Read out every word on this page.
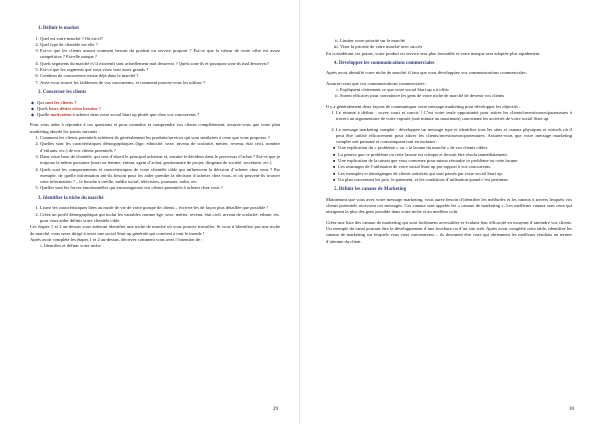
1. Définir le market
1. Quel est votre marché ? Où est-il?
2. Quel type de clientèle est-elle ?
3. Est-ce que les clients auront vraiment besoin du produit ou service proposé ? Est-ce que la valeur de votre offre est assez compétitive ? Est-elle unique ?
4. Quels segments du marché (s’il existent) sont actuellement mal desservis ? Quels sont-ils et pourquoi sont-ils mal desservis?
5. Est-ce que les segments que vous visez sont assez grands ?
6. Combien de concurrence existe déjà dans le marché ?
7. Avez-vous trouvé les faiblesses de vos concurrents, et comment pouvez-vous les utiliser ?
2. Concerner les clients
◆ Qui sont les clients ?
◆ Quels leurs désirs et/ou besoins ?
◆ Quelle motivation à acheter dans votre social Start up plutôt que chez vos concurrents ?

Pour vous aider à répondre à ces questions et pour connaître et comprendre vos clients complètement, assurez-vous que votre plan marketing aborde les points suivants :

1. Comment les clients potentiels achètent-ils généralement les produits/services qui sont similaires à ceux que vous proposez ?
2. Quelles sont les caractéristiques démographiques (âge, ethnicité, sexe, niveau de scolarité, métier, revenu, état civil, nombre d’enfants, etc.) de vos clients potentiels ?
3. Dans votre base de clientèle, qui sera d’abord le principal acheteur et, ensuite le décideur dans le processus d’achat ? Est-ce que je toujours la même personne (mari ou femme, enfant, agent d’achat, gestionnaire de projet, dirigeant de société, secrétaire, etc.)
4. Quels sont les comportements et caractéristiques de votre clientèle cible qui influencent la décision d’acheter chez vous ? Par exemple, de quelle information ont-ils besoin pour les aider prendre la décision d’acheter chez vous, et où peuvent-ils trouver cette information ? – le bouche à oreille, média social, télévision, journaux, radio, etc.
5. Quelles sont les forces émotionnelles qui encourageront vos clients potentiels à acheter chez vous ?
3. Identifier la niche du marché
1. Listez les caractéristiques liées au mode de vie de votre groupe de clients – écrivez-les de façon plus détaillée que possible !
2. Créez un profil démographique qui inclut les variables comme âge, sexe, métier, revenu, état civil, niveau de scolarité, ethnie, etc. pour vous aider définir votre clientèle cible.

Les étapes 1 et 2 au-dessus vous aideront identifier une niche de marché où vous pouvez travailler. Si vous n’identifiez pas une niche de marché, vous serez dirigé à avoir une social Start up générale qui convient à tout le monde !

Après avoir complété les étapes 1 et 2 au-dessus, décrivez comment vous avez l’intention de :

i. Identifier et définir votre niche
29
ii. Limiter votre priorité sur le marché
iii. Viser la priorité de votre marché avec succès

En considérant ces points, votre produit ou service sera plus favorable et votre marque sera adoptée plus rapidement.

4. Développer les communications commerciales

Après avoir identifié votre niche de marché, il faut que vous développiez vos communications commerciales.

Assurez-vous que vos communications commerciales :

i. Expliquent clairement ce que votre social Start up a à offrir
ii. Soient efficaces pour convaincre les gens de votre niche de marché de devenir vos clients

Il y a généralement deux façons de communiquer votre message marketing pour développer les objectifs :

1. Le résumé à définir : soyez court et concis ! C’est votre seule opportunité pour attirer les clients/investisseurs/partenaires à travers un argumentaire de votre capsule (une minute au maximum) concernant les activités de votre social Start up.
2. Le message marketing complet : développez un message type et identifiez tous les sites et canaux physiques et virtuels où il peut être utilisé efficacement pour attirer les clients/investisseurs/partenaires. Assurez-vous que votre message marketing complet soit puissant et convainquant tout en incluant :
■ Une explication du « problème » ou « la lacune du marché » de vos clients cibles.
■ La preuve que ce problème ou cette lacune est critique et devrait être résolu immédiatement.
■ Une explication de la raison que vous convenez pour mieux résoudre ce problème ou cette lacune.
■ Les avantages de l’utilisation de votre social Start up par rapport à vos concurrents.
■ Les exemples et témoignages de clients satisfaits qui sont passés par votre social Start up.
■ Un plan concernant les prix, le paiement, et les conditions d’utilisation quand c’est pertinent.
5. Définir les canaux de Marketing

Maintenant que vous avez votre message marketing, vous aurez besoin d’identifier les méthodes et les canaux à travers lesquels vos clients potentiels recevront ces messages. Ces canaux sont appelés les « canaux de marketing ». Les meilleurs canaux sont ceux qui atteignent la plus des gens possible dans votre niche et au meilleur coût.

Créez une liste des canaux de marketing qui sont facilement accessibles et évaluez leur efficacité en essayant d’atteindre vos clients. Un exemple de canal pourrait être le développement d’une brochure ou d’un site web. Après avoir complété cette table, identifiez les canaux de marketing sur lesquels vous vous concentrerez – ils devraient être ceux qui obtiennent les meilleurs résultats en termes d’atteinte du client.

30
